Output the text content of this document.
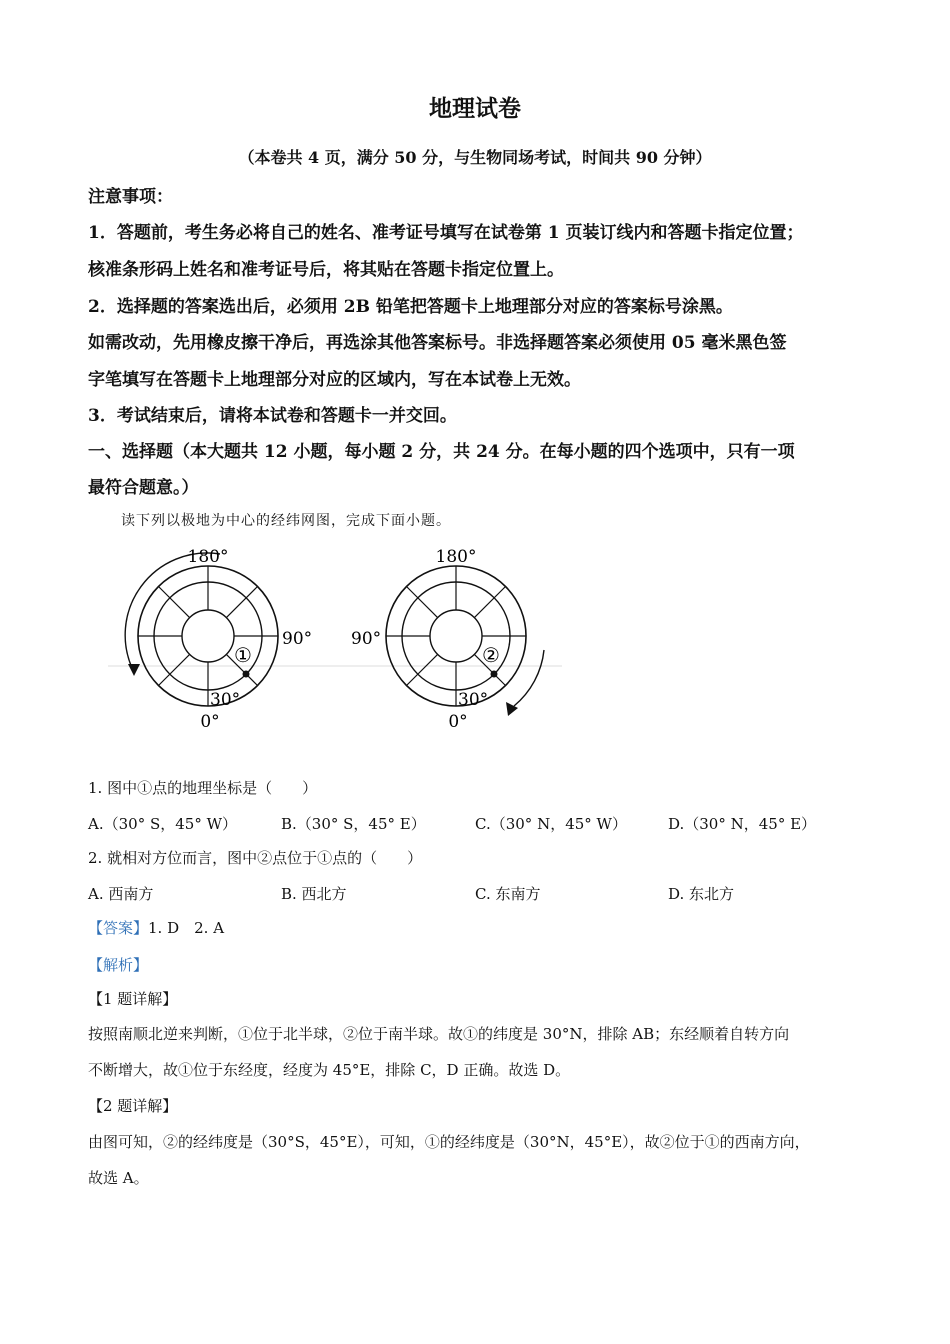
地理试卷
（本卷共 4 页，满分 50 分，与生物同场考试，时间共 90 分钟）
注意事项：
1．答题前，考生务必将自己的姓名、准考证号填写在试卷第 1 页装订线内和答题卡指定位置；
核准条形码上姓名和准考证号后，将其贴在答题卡指定位置上。
2．选择题的答案选出后，必须用 2B 铅笔把答题卡上地理部分对应的答案标号涂黑。
如需改动，先用橡皮擦干净后，再选涂其他答案标号。非选择题答案必须使用 05 毫米黑色签
字笔填写在答题卡上地理部分对应的区域内，写在本试卷上无效。
3．考试结束后，请将本试卷和答题卡一并交回。
一、选择题（本大题共 12 小题，每小题 2 分，共 24 分。在每小题的四个选项中，只有一项
最符合题意。）
读下列以极地为中心的经纬网图，完成下面小题。
180°
90°
30°
0°
①
180°
90°
30°
0°
②
1. 图中①点的地理坐标是（　　）
A.（30° S，45° W）	B.（30° S，45° E）	C.（30° N，45° W）	D.（30° N，45° E）
2. 就相对方位而言，图中②点位于①点的（　　）
A. 西南方	B. 西北方	C. 东南方	D. 东北方
【答案】1. D　2. A
【解析】
【1 题详解】
按照南顺北逆来判断，①位于北半球，②位于南半球。故①的纬度是 30°N，排除 AB；东经顺着自转方向
不断增大，故①位于东经度，经度为 45°E，排除 C，D 正确。故选 D。
【2 题详解】
由图可知，②的经纬度是（30°S，45°E），可知，①的经纬度是（30°N，45°E），故②位于①的西南方向，
故选 A。
